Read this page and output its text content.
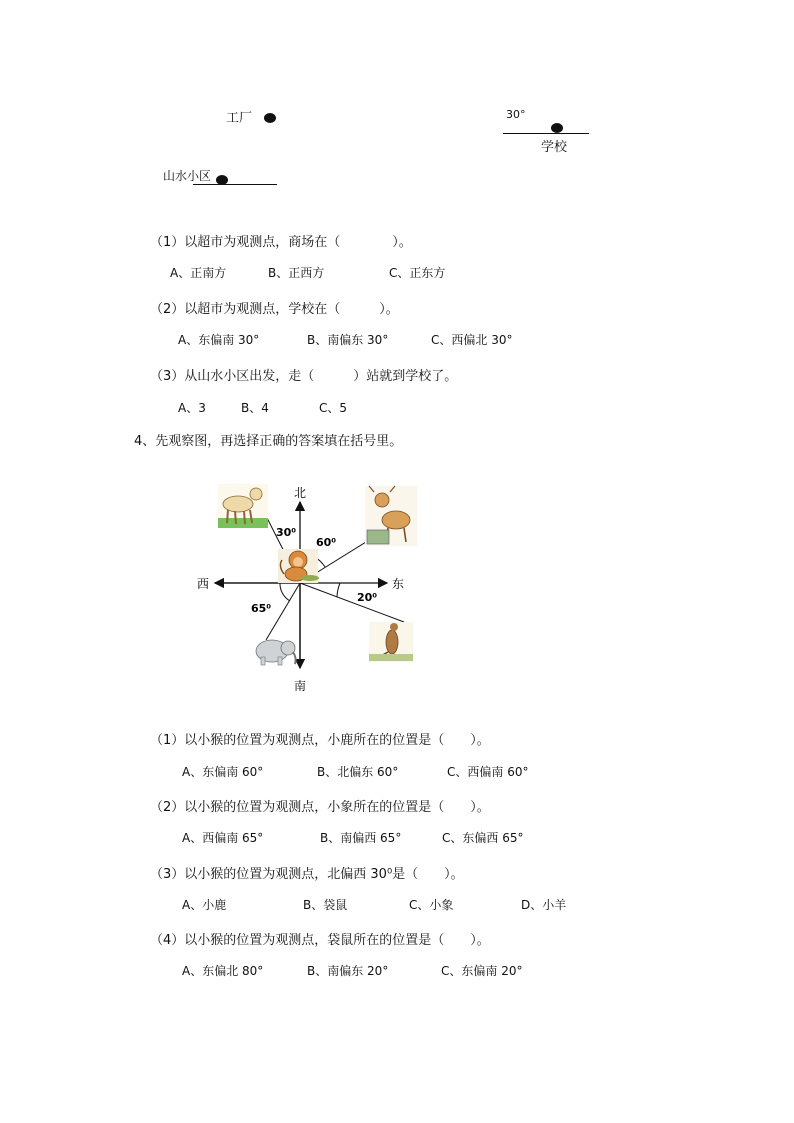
工厂	30°
学校
山水小区
（1）以超市为观测点，商场在（　　　　）。
A、正南方	B、正西方	C、正东方
（2）以超市为观测点，学校在（　　　）。
A、东偏南 30°	B、南偏东 30°	C、西偏北 30°
（3）从山水小区出发，走（　　　）站就到学校了。
A、3	B、4	C、5
4、先观察图，再选择正确的答案填在括号里。
北
南
东
西
30⁰
60⁰
20⁰
65⁰
（1）以小猴的位置为观测点，小鹿所在的位置是（　　）。
A、东偏南 60°	B、北偏东 60°	C、西偏南 60°
（2）以小猴的位置为观测点，小象所在的位置是（　　）。
A、西偏南 65°	B、南偏西 65°	C、东偏西 65°
（3）以小猴的位置为观测点，北偏西 30⁰是（　　）。
A、小鹿	B、袋鼠	C、小象	D、小羊
（4）以小猴的位置为观测点，袋鼠所在的位置是（　　）。
A、东偏北 80°	B、南偏东 20°	C、东偏南 20°
